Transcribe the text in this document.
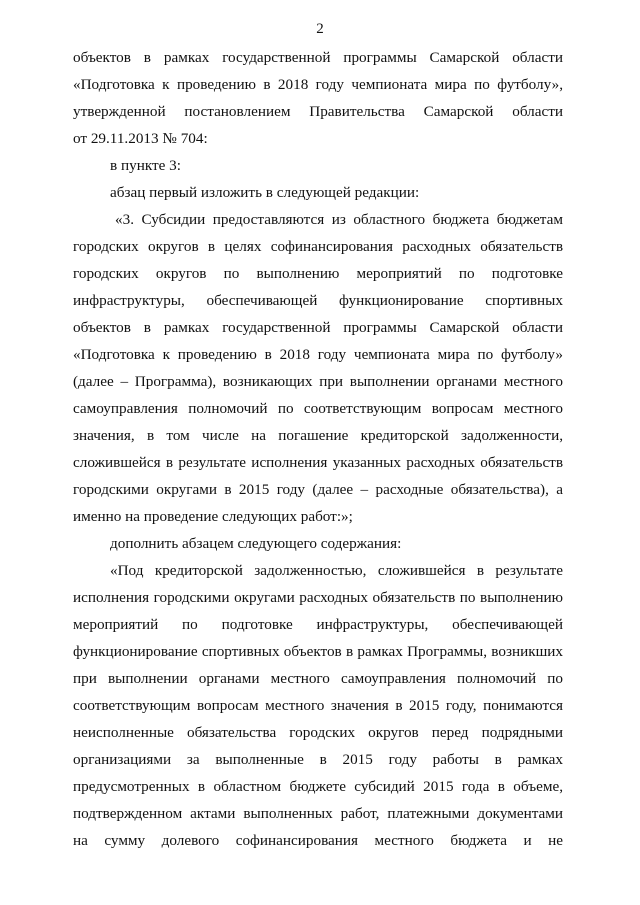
2
объектов в рамках государственной программы Самарской области
«Подготовка к проведению в 2018 году чемпионата мира по футболу»,
утвержденной постановлением Правительства Самарской области
от 29.11.2013 № 704:
в пункте 3:
абзац первый изложить в следующей редакции:
«3. Субсидии предоставляются из областного бюджета бюджетам
городских округов в целях софинансирования расходных обязательств
городских округов по выполнению мероприятий по подготовке
инфраструктуры, обеспечивающей функционирование спортивных
объектов в рамках государственной программы Самарской области
«Подготовка к проведению в 2018 году чемпионата мира по футболу»
(далее – Программа), возникающих при выполнении органами местного
самоуправления полномочий по соответствующим вопросам местного
значения, в том числе на погашение кредиторской задолженности,
сложившейся в результате исполнения указанных расходных обязательств
городскими округами в 2015 году (далее – расходные обязательства), а
именно на проведение следующих работ:»;
дополнить абзацем следующего содержания:
«Под кредиторской задолженностью, сложившейся в результате
исполнения городскими округами расходных обязательств по выполнению
мероприятий по подготовке инфраструктуры, обеспечивающей
функционирование спортивных объектов в рамках Программы, возникших
при выполнении органами местного самоуправления полномочий по
соответствующим вопросам местного значения в 2015 году, понимаются
неисполненные обязательства городских округов перед подрядными
организациями за выполненные в 2015 году работы в рамках
предусмотренных в областном бюджете субсидий 2015 года в объеме,
подтвержденном актами выполненных работ, платежными документами
на сумму долевого софинансирования местного бюджета и не
